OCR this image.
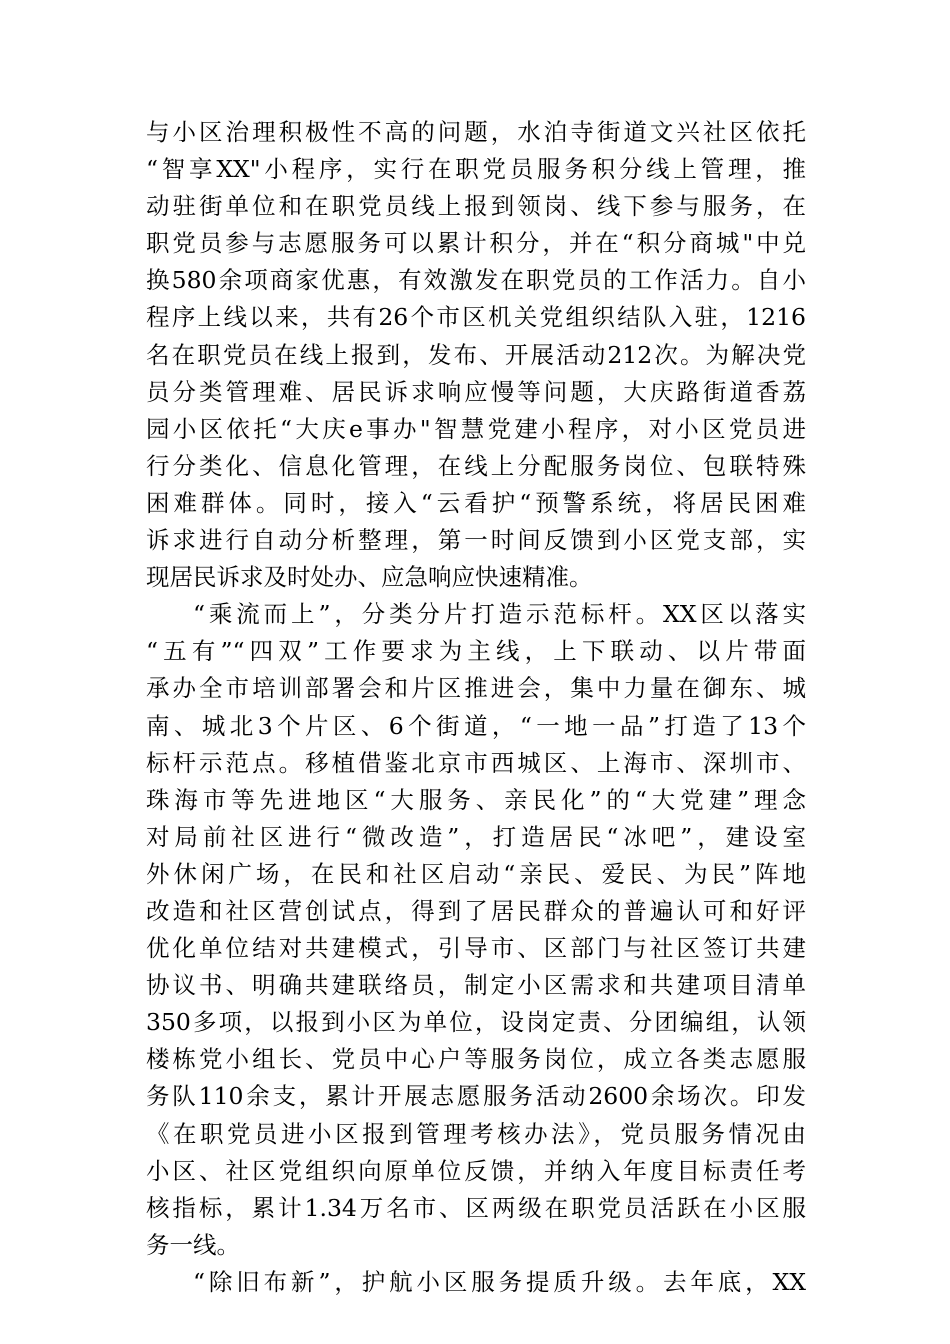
与小区治理积极性不高的问题，水泊寺街道文兴社区依托
“智享XX"小程序，实行在职党员服务积分线上管理，推
动驻街单位和在职党员线上报到领岗、线下参与服务，在
职党员参与志愿服务可以累计积分，并在“积分商城"中兑
换580余项商家优惠，有效激发在职党员的工作活力。自小
程序上线以来，共有26个市区机关党组织结队入驻，1216
名在职党员在线上报到，发布、开展活动212次。为解决党
员分类管理难、居民诉求响应慢等问题，大庆路街道香荔
园小区依托“大庆e事办"智慧党建小程序，对小区党员进
行分类化、信息化管理，在线上分配服务岗位、包联特殊
困难群体。同时，接入“云看护“预警系统，将居民困难
诉求进行自动分析整理，第一时间反馈到小区党支部，实
现居民诉求及时处办、应急响应快速精准。
“乘流而上”，分类分片打造示范标杆。XX区以落实
“五有”“四双”工作要求为主线，上下联动、以片带面
承办全市培训部署会和片区推进会，集中力量在御东、城
南、城北3个片区、6个街道，“一地一品”打造了13个
标杆示范点。移植借鉴北京市西城区、上海市、深圳市、
珠海市等先进地区“大服务、亲民化”的“大党建”理念
对局前社区进行“微改造”，打造居民“冰吧”，建设室
外休闲广场，在民和社区启动“亲民、爱民、为民”阵地
改造和社区营创试点，得到了居民群众的普遍认可和好评
优化单位结对共建模式，引导市、区部门与社区签订共建
协议书、明确共建联络员，制定小区需求和共建项目清单
350多项，以报到小区为单位，设岗定责、分团编组，认领
楼栋党小组长、党员中心户等服务岗位，成立各类志愿服
务队110余支，累计开展志愿服务活动2600余场次。印发
《在职党员进小区报到管理考核办法》，党员服务情况由
小区、社区党组织向原单位反馈，并纳入年度目标责任考
核指标，累计1.34万名市、区两级在职党员活跃在小区服
务一线。
“除旧布新”，护航小区服务提质升级。去年底，XX
